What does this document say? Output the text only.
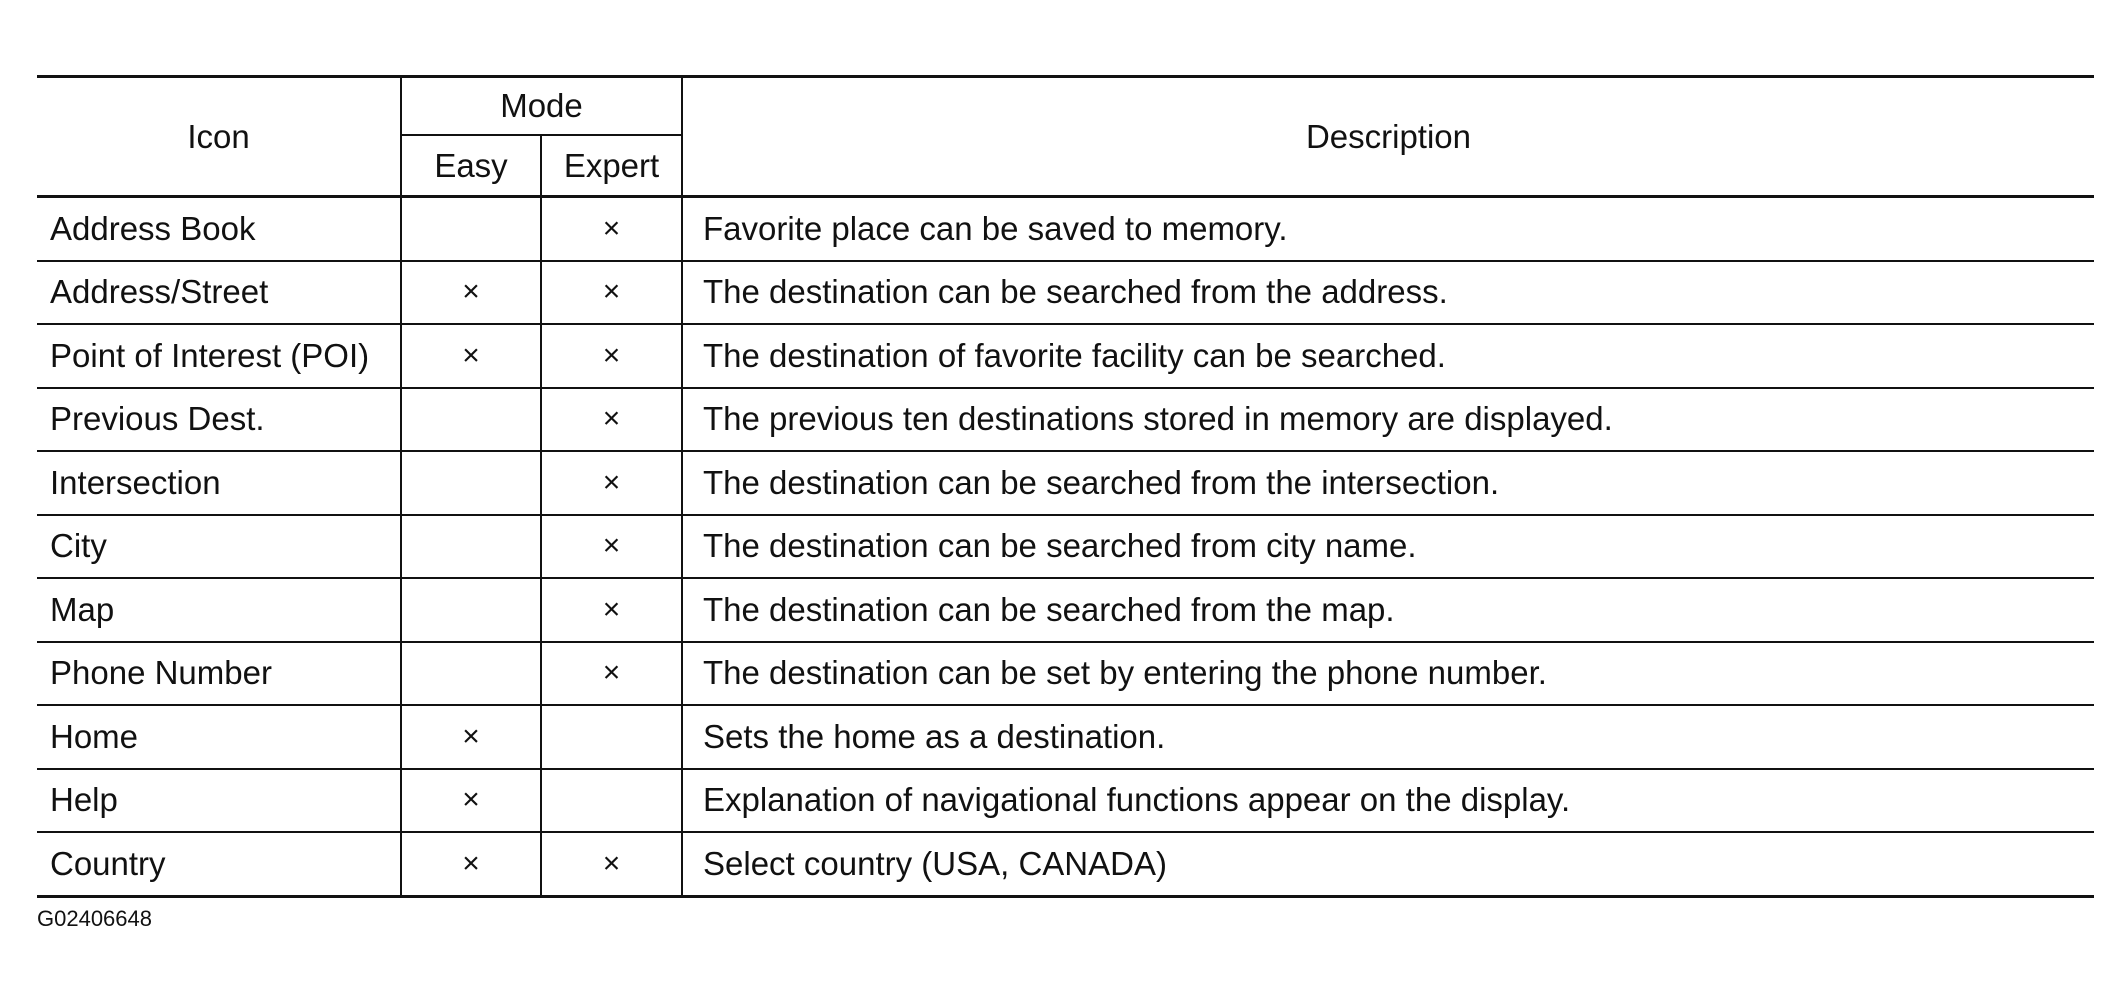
Icon	Mode		Description
	Easy	Expert	
Address Book		×	Favorite place can be saved to memory.
Address/Street	×	×	The destination can be searched from the address.
Point of Interest (POI)	×	×	The destination of favorite facility can be searched.
Previous Dest.		×	The previous ten destinations stored in memory are displayed.
Intersection		×	The destination can be searched from the intersection.
City		×	The destination can be searched from city name.
Map		×	The destination can be searched from the map.
Phone Number		×	The destination can be set by entering the phone number.
Home	×		Sets the home as a destination.
Help	×		Explanation of navigational functions appear on the display.
Country	×	×	Select country (USA, CANADA)
G02406648
